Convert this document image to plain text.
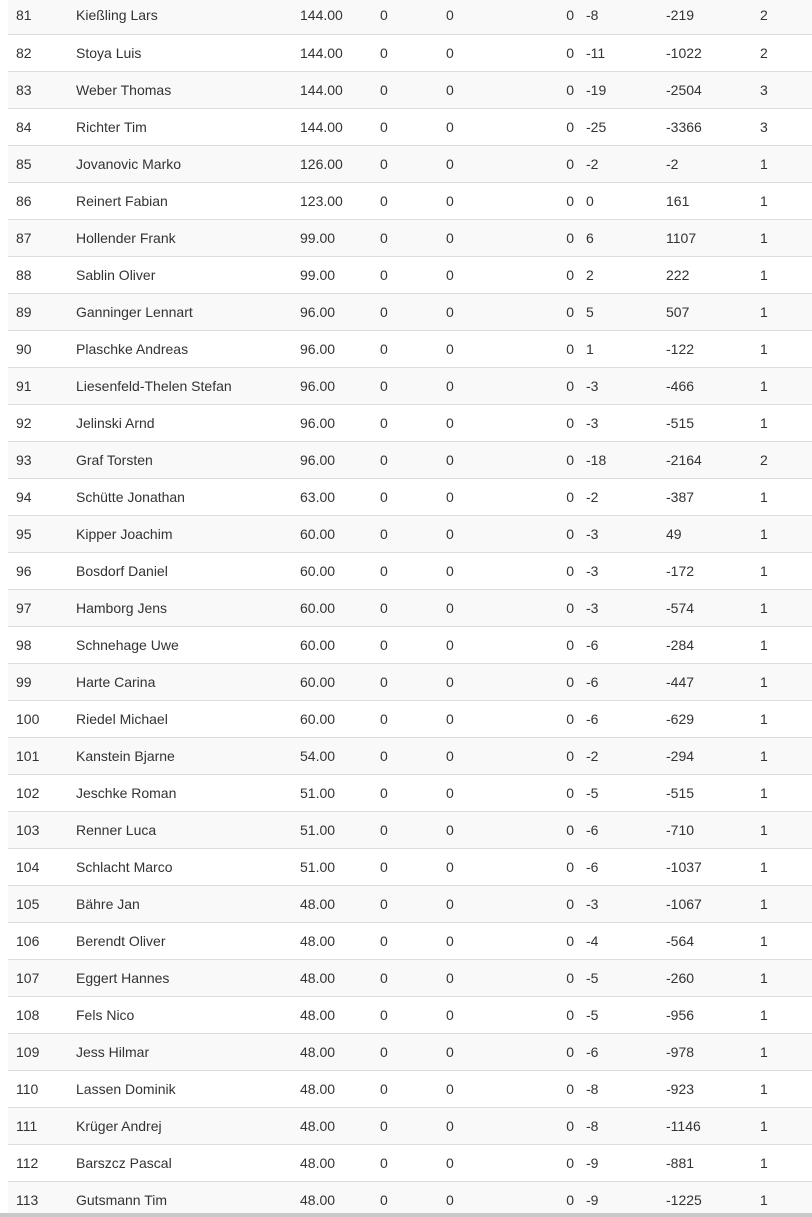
81	Kießling Lars	144.00	0	0	0	-8	-219	2
82	Stoya Luis	144.00	0	0	0	-11	-1022	2
83	Weber Thomas	144.00	0	0	0	-19	-2504	3
84	Richter Tim	144.00	0	0	0	-25	-3366	3
85	Jovanovic Marko	126.00	0	0	0	-2	-2	1
86	Reinert Fabian	123.00	0	0	0	0	161	1
87	Hollender Frank	99.00	0	0	0	6	1107	1
88	Sablin Oliver	99.00	0	0	0	2	222	1
89	Ganninger Lennart	96.00	0	0	0	5	507	1
90	Plaschke Andreas	96.00	0	0	0	1	-122	1
91	Liesenfeld-Thelen Stefan	96.00	0	0	0	-3	-466	1
92	Jelinski Arnd	96.00	0	0	0	-3	-515	1
93	Graf Torsten	96.00	0	0	0	-18	-2164	2
94	Schütte Jonathan	63.00	0	0	0	-2	-387	1
95	Kipper Joachim	60.00	0	0	0	-3	49	1
96	Bosdorf Daniel	60.00	0	0	0	-3	-172	1
97	Hamborg Jens	60.00	0	0	0	-3	-574	1
98	Schnehage Uwe	60.00	0	0	0	-6	-284	1
99	Harte Carina	60.00	0	0	0	-6	-447	1
100	Riedel Michael	60.00	0	0	0	-6	-629	1
101	Kanstein Bjarne	54.00	0	0	0	-2	-294	1
102	Jeschke Roman	51.00	0	0	0	-5	-515	1
103	Renner Luca	51.00	0	0	0	-6	-710	1
104	Schlacht Marco	51.00	0	0	0	-6	-1037	1
105	Bähre Jan	48.00	0	0	0	-3	-1067	1
106	Berendt Oliver	48.00	0	0	0	-4	-564	1
107	Eggert Hannes	48.00	0	0	0	-5	-260	1
108	Fels Nico	48.00	0	0	0	-5	-956	1
109	Jess Hilmar	48.00	0	0	0	-6	-978	1
110	Lassen Dominik	48.00	0	0	0	-8	-923	1
111	Krüger Andrej	48.00	0	0	0	-8	-1146	1
112	Barszcz Pascal	48.00	0	0	0	-9	-881	1
113	Gutsmann Tim	48.00	0	0	0	-9	-1225	1
